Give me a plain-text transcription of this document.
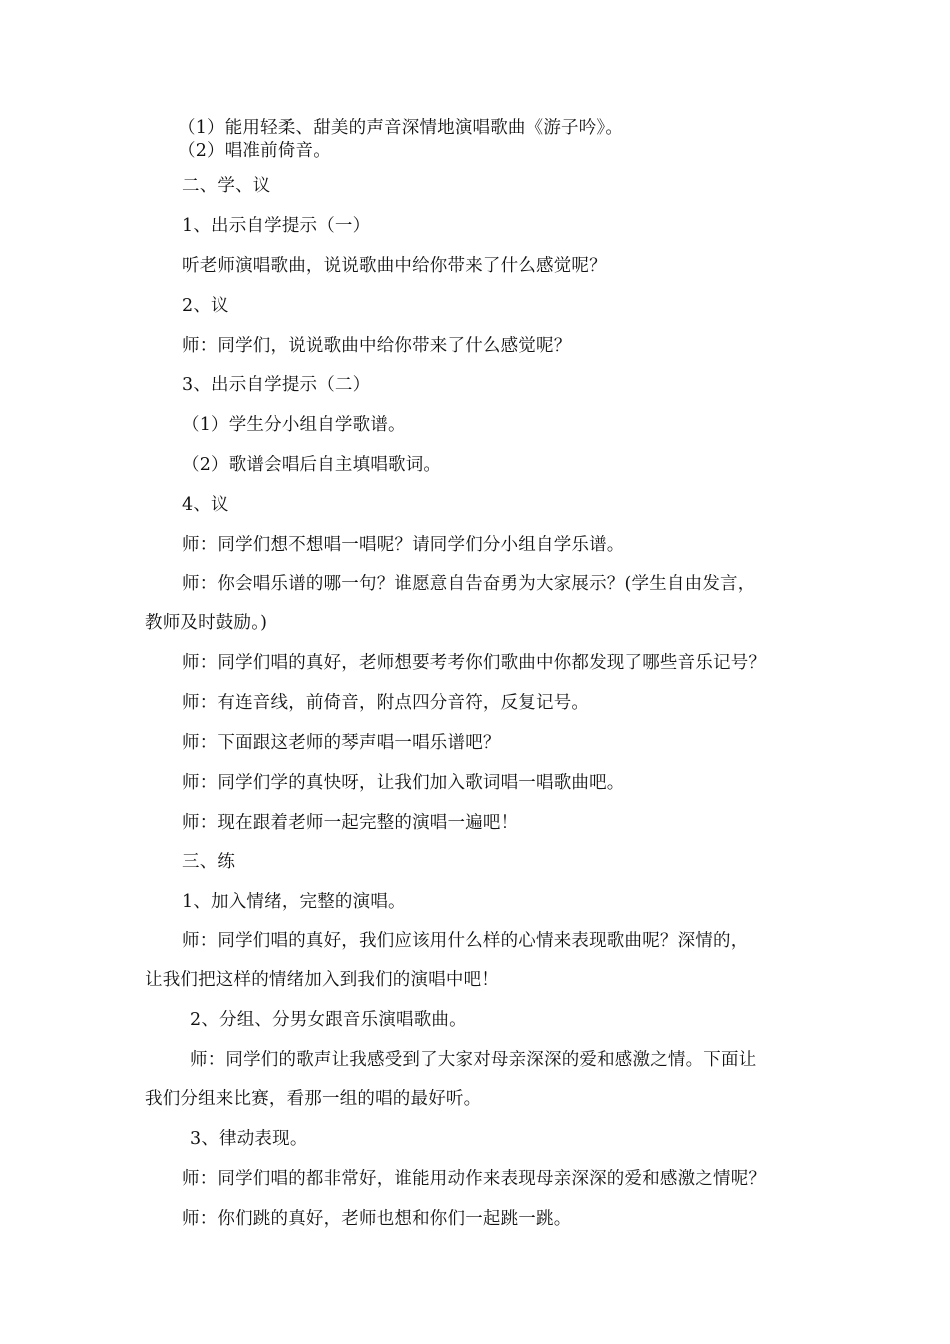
（1）能用轻柔、甜美的声音深情地演唱歌曲《游子吟》。
（2）唱准前倚音。
二、学、议
1、出示自学提示（一）
听老师演唱歌曲，说说歌曲中给你带来了什么感觉呢？
2、议
师：同学们，说说歌曲中给你带来了什么感觉呢？
3、出示自学提示（二）
（1）学生分小组自学歌谱。
（2）歌谱会唱后自主填唱歌词。
4、议
师：同学们想不想唱一唱呢？请同学们分小组自学乐谱。
师：你会唱乐谱的哪一句？谁愿意自告奋勇为大家展示？(学生自由发言，
教师及时鼓励。)
师：同学们唱的真好，老师想要考考你们歌曲中你都发现了哪些音乐记号？
师：有连音线，前倚音，附点四分音符，反复记号。
师：下面跟这老师的琴声唱一唱乐谱吧？
师：同学们学的真快呀，让我们加入歌词唱一唱歌曲吧。
师：现在跟着老师一起完整的演唱一遍吧！
三、练
1、加入情绪，完整的演唱。
师：同学们唱的真好，我们应该用什么样的心情来表现歌曲呢？深情的，
让我们把这样的情绪加入到我们的演唱中吧！
2、分组、分男女跟音乐演唱歌曲。
师：同学们的歌声让我感受到了大家对母亲深深的爱和感激之情。下面让
我们分组来比赛，看那一组的唱的最好听。
3、律动表现。
师：同学们唱的都非常好，谁能用动作来表现母亲深深的爱和感激之情呢？
师：你们跳的真好，老师也想和你们一起跳一跳。
